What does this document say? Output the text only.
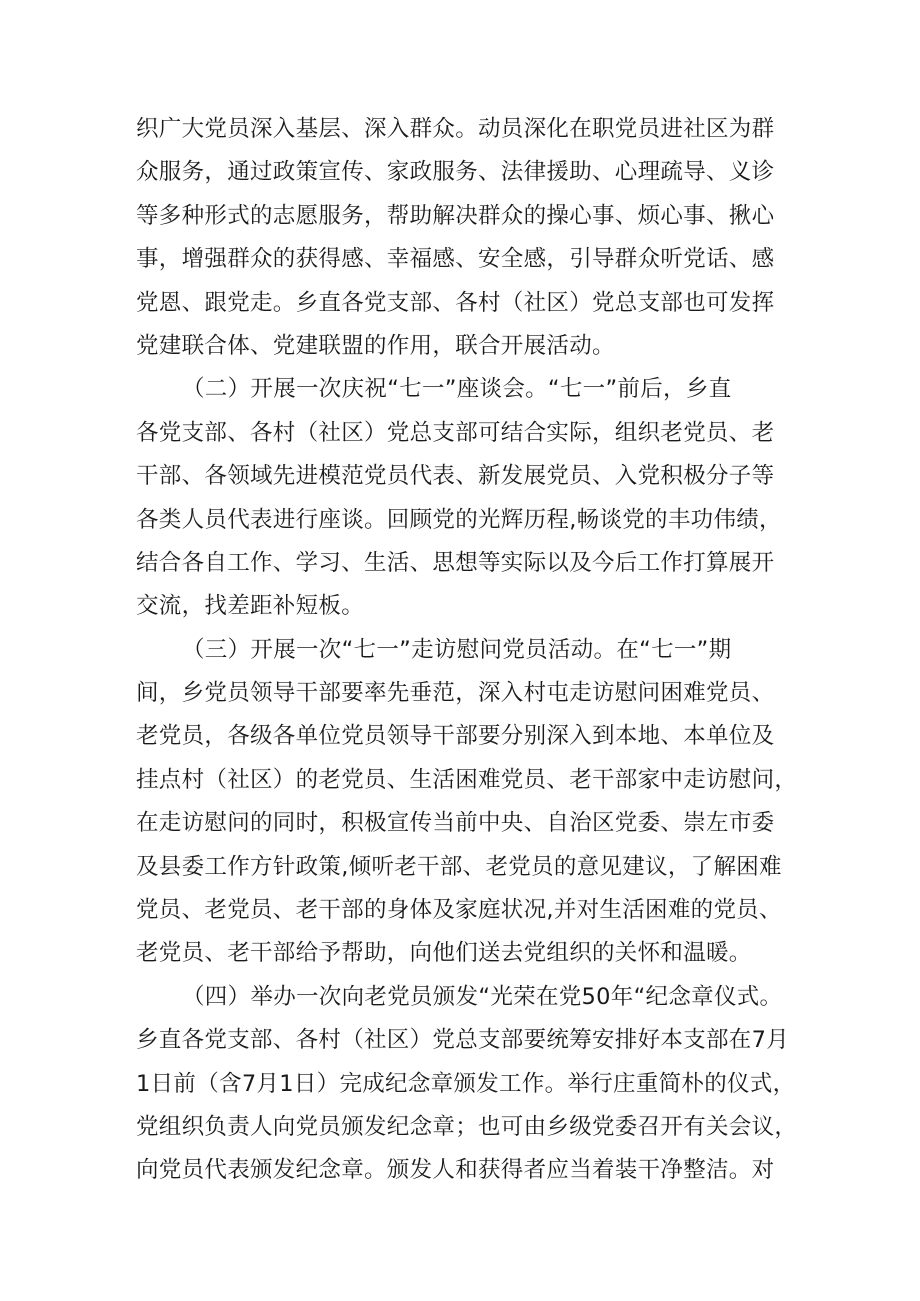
织广大党员深入基层、深入群众。动员深化在职党员进社区为群
众服务，通过政策宣传、家政服务、法律援助、心理疏导、义诊
等多种形式的志愿服务，帮助解决群众的操心事、烦心事、揪心
事，增强群众的获得感、幸福感、安全感，引导群众听党话、感
党恩、跟党走。乡直各党支部、各村（社区）党总支部也可发挥
党建联合体、党建联盟的作用，联合开展活动。
（二）开展一次庆祝“七一”座谈会。“七一”前后，乡直
各党支部、各村（社区）党总支部可结合实际，组织老党员、老
干部、各领域先进模范党员代表、新发展党员、入党积极分子等
各类人员代表进行座谈。回顾党的光辉历程,畅谈党的丰功伟绩，
结合各自工作、学习、生活、思想等实际以及今后工作打算展开
交流，找差距补短板。
（三）开展一次“七一”走访慰问党员活动。在“七一”期
间，乡党员领导干部要率先垂范，深入村屯走访慰问困难党员、
老党员，各级各单位党员领导干部要分别深入到本地、本单位及
挂点村（社区）的老党员、生活困难党员、老干部家中走访慰问，
在走访慰问的同时，积极宣传当前中央、自治区党委、崇左市委
及县委工作方针政策,倾听老干部、老党员的意见建议，了解困难
党员、老党员、老干部的身体及家庭状况,并对生活困难的党员、
老党员、老干部给予帮助，向他们送去党组织的关怀和温暖。
（四）举办一次向老党员颁发“光荣在党50年“纪念章仪式。
乡直各党支部、各村（社区）党总支部要统筹安排好本支部在7月
1日前（含7月1日）完成纪念章颁发工作。举行庄重简朴的仪式，
党组织负责人向党员颁发纪念章；也可由乡级党委召开有关会议，
向党员代表颁发纪念章。颁发人和获得者应当着装干净整洁。对
